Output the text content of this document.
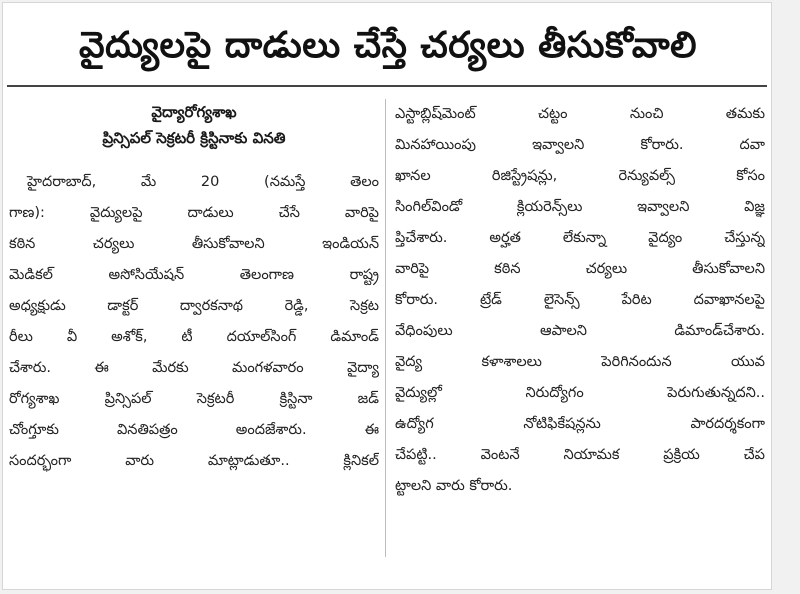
వైద్యులపై దాడులు చేస్తే చర్యలు తీసుకోవాలి
వైద్యారోగ్యశాఖ
ప్రిన్సిపల్ సెక్రటరీ క్రిస్టినాకు వినతి
హైదరాబాద్, మే 20 (నమస్తే తెలం
గాణ): వైద్యులపై దాడులు చేసే వారిపై
కఠిన చర్యలు తీసుకోవాలని ఇండియన్
మెడికల్ అసోసియేషన్ తెలంగాణ రాష్ట్ర
అధ్యక్షుడు డాక్టర్ ద్వారకనాథ రెడ్డి, సెక్రట
రీలు వీ అశోక్, టీ దయాల్‌సింగ్ డిమాండ్
చేశారు. ఈ మేరకు మంగళవారం వైద్యా
రోగ్యశాఖ ప్రిన్సిపల్ సెక్రటరీ క్రిస్టినా జడ్
చోంగ్తూకు వినతిపత్రం అందజేశారు. ఈ
సందర్భంగా వారు మాట్లాడుతూ.. క్లినికల్
ఎస్టాబ్లిష్‌మెంట్ చట్టం నుంచి తమకు
మినహాయింపు ఇవ్వాలని కోరారు. దవా
ఖానల రిజిస్ట్రేషన్లు, రెన్యువల్స్ కోసం
సింగిల్‌విండో క్లియరెన్స్‌లు ఇవ్వాలని విజ్ఞ
ప్తిచేశారు. అర్హత లేకున్నా వైద్యం చేస్తున్న
వారిపై కఠిన చర్యలు తీసుకోవాలని
కోరారు. ట్రేడ్ లైసెన్స్ పేరిట దవాఖానలపై
వేధింపులు ఆపాలని డిమాండ్‌చేశారు.
వైద్య కళాశాలలు పెరిగినందున యువ
వైద్యుల్లో నిరుద్యోగం పెరుగుతున్నదని..
ఉద్యోగ నోటిఫికేషన్లను పారదర్శకంగా
చేపట్టి.. వెంటనే నియామక ప్రక్రియ చేప
ట్టాలని వారు కోరారు.
